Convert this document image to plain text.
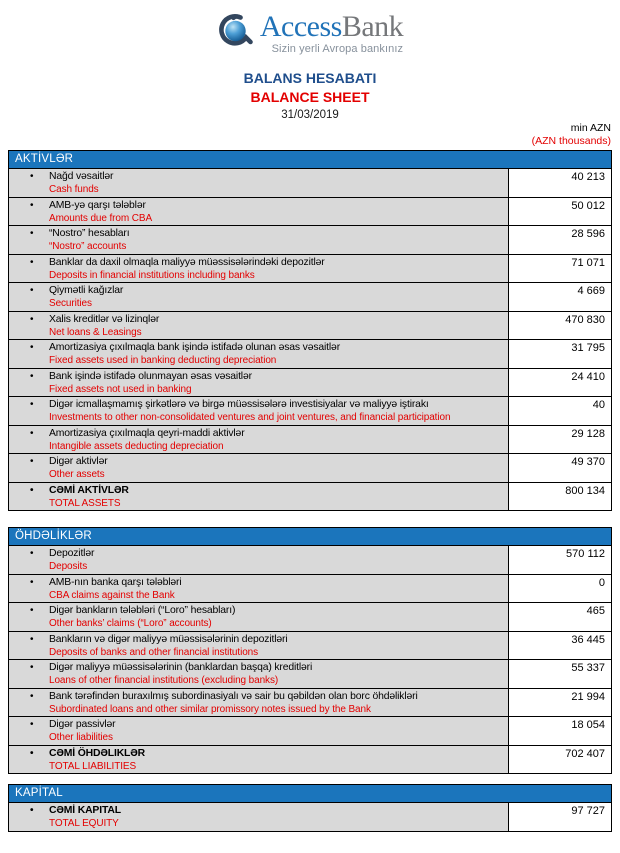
AccessBank
Sizin yerli Avropa bankınız
BALANS HESABATI
BALANCE SHEET
31/03/2019
min AZN
(AZN thousands)
AKTİVLƏR
•	Nağd vəsaitlər
Cash funds
40 213
•	AMB-yə qarşı tələblər
Amounts due from CBA
50 012
•	“Nostro” hesabları
“Nostro” accounts
28 596
•	Banklar da daxil olmaqla maliyyə müəssisələrindəki depozitlər
Deposits in financial institutions including banks
71 071
•	Qiymətli kağızlar
Securities
4 669
•	Xalis kreditlər və lizinqlər
Net loans & Leasings
470 830
•	Amortizasiya çıxılmaqla bank işində istifadə olunan əsas vəsaitlər
Fixed assets used in banking deducting depreciation
31 795
•	Bank işində istifadə olunmayan əsas vəsaitlər
Fixed assets not used in banking
24 410
•	Digər icmallaşmamış şirkətlərə və birgə müəssisələrə investisiyalar və maliyyə iştirakı
Investments to other non-consolidated ventures and joint ventures, and financial participation
40
•	Amortizasiya çıxılmaqla qeyri-maddi aktivlər
Intangible assets deducting depreciation
29 128
•	Digər aktivlər
Other assets
49 370
•	CƏMİ AKTİVLƏR
TOTAL ASSETS
800 134
ÖHDƏLİKLƏR
•	Depozitlər
Deposits
570 112
•	AMB-nın banka qarşı tələbləri
CBA claims against the Bank
0
•	Digər bankların tələbləri (“Loro” hesabları)
Other banks’ claims (“Loro” accounts)
465
•	Bankların və digər maliyyə müəssisələrinin depozitləri
Deposits of banks and other financial institutions
36 445
•	Digər maliyyə müəssisələrinin (banklardan başqa) kreditləri
Loans of other financial institutions (excluding banks)
55 337
•	Bank tərəfindən buraxılmış subordinasiyalı və sair bu qəbildən olan borc öhdəlikləri
Subordinated loans and other similar promissory notes issued by the Bank
21 994
•	Digər passivlər
Other liabilities
18 054
•	CƏMİ ÖHDƏLIKLƏR
TOTAL LIABILITIES
702 407
KAPİTAL
•	CƏMİ KAPITAL
TOTAL EQUITY
97 727
